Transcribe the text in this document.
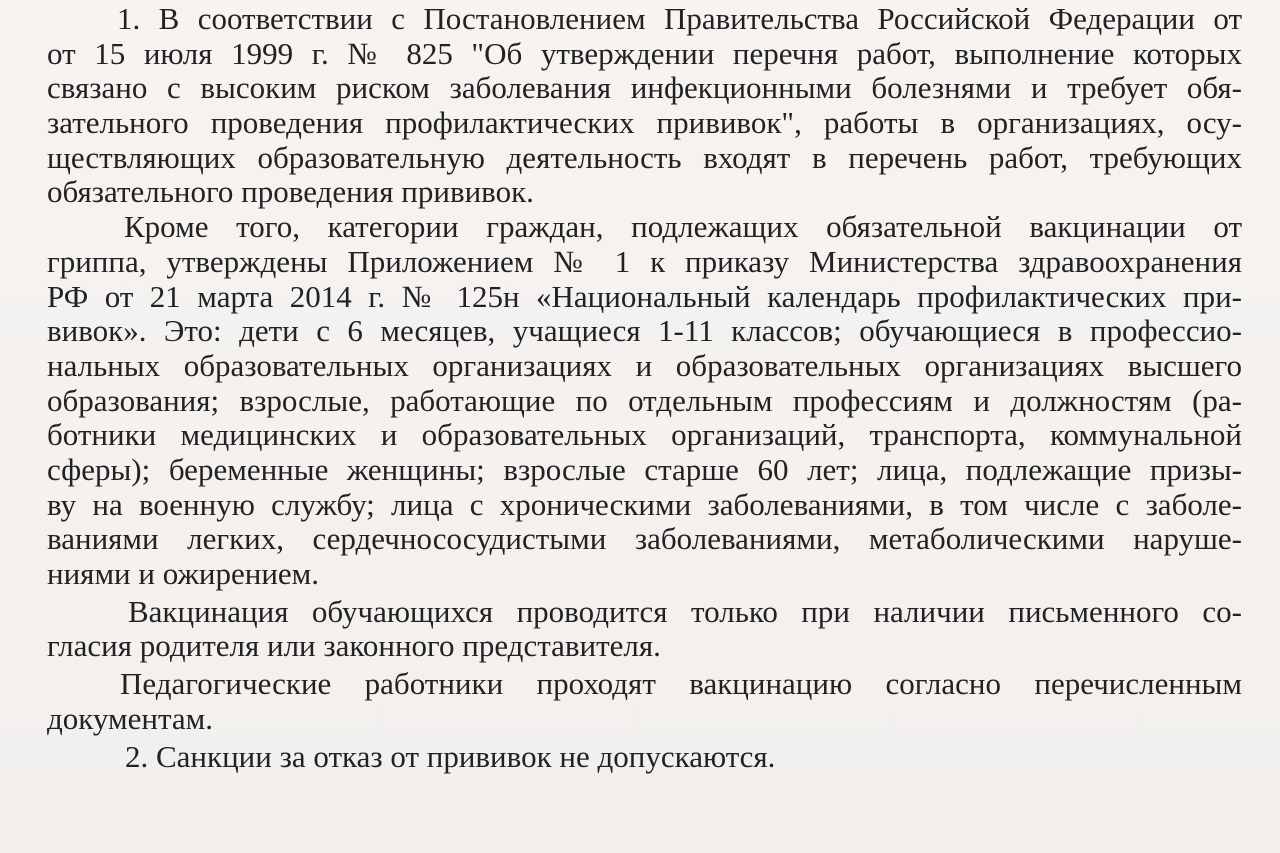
1. В соответствии с Постановлением Правительства Российской Федерации от
от 15 июля 1999 г. № 825 "Об утверждении перечня работ, выполнение которых
связано с высоким риском заболевания инфекционными болезнями и требует обя-
зательного проведения профилактических прививок", работы в организациях, осу-
ществляющих образовательную деятельность входят в перечень работ, требующих
обязательного проведения прививок.
Кроме того, категории граждан, подлежащих обязательной вакцинации от
гриппа, утверждены Приложением № 1 к приказу Министерства здравоохранения
РФ от 21 марта 2014 г. № 125н «Национальный календарь профилактических при-
вивок». Это: дети с 6 месяцев, учащиеся 1-11 классов; обучающиеся в профессио-
нальных образовательных организациях и образовательных организациях высшего
образования; взрослые, работающие по отдельным профессиям и должностям (ра-
ботники медицинских и образовательных организаций, транспорта, коммунальной
сферы); беременные женщины; взрослые старше 60 лет; лица, подлежащие призы-
ву на военную службу; лица с хроническими заболеваниями, в том числе с заболе-
ваниями легких, сердечнососудистыми заболеваниями, метаболическими наруше-
ниями и ожирением.
Вакцинация обучающихся проводится только при наличии письменного со-
гласия родителя или законного представителя.
Педагогические работники проходят вакцинацию согласно перечисленным
документам.
2. Санкции за отказ от прививок не допускаются.
